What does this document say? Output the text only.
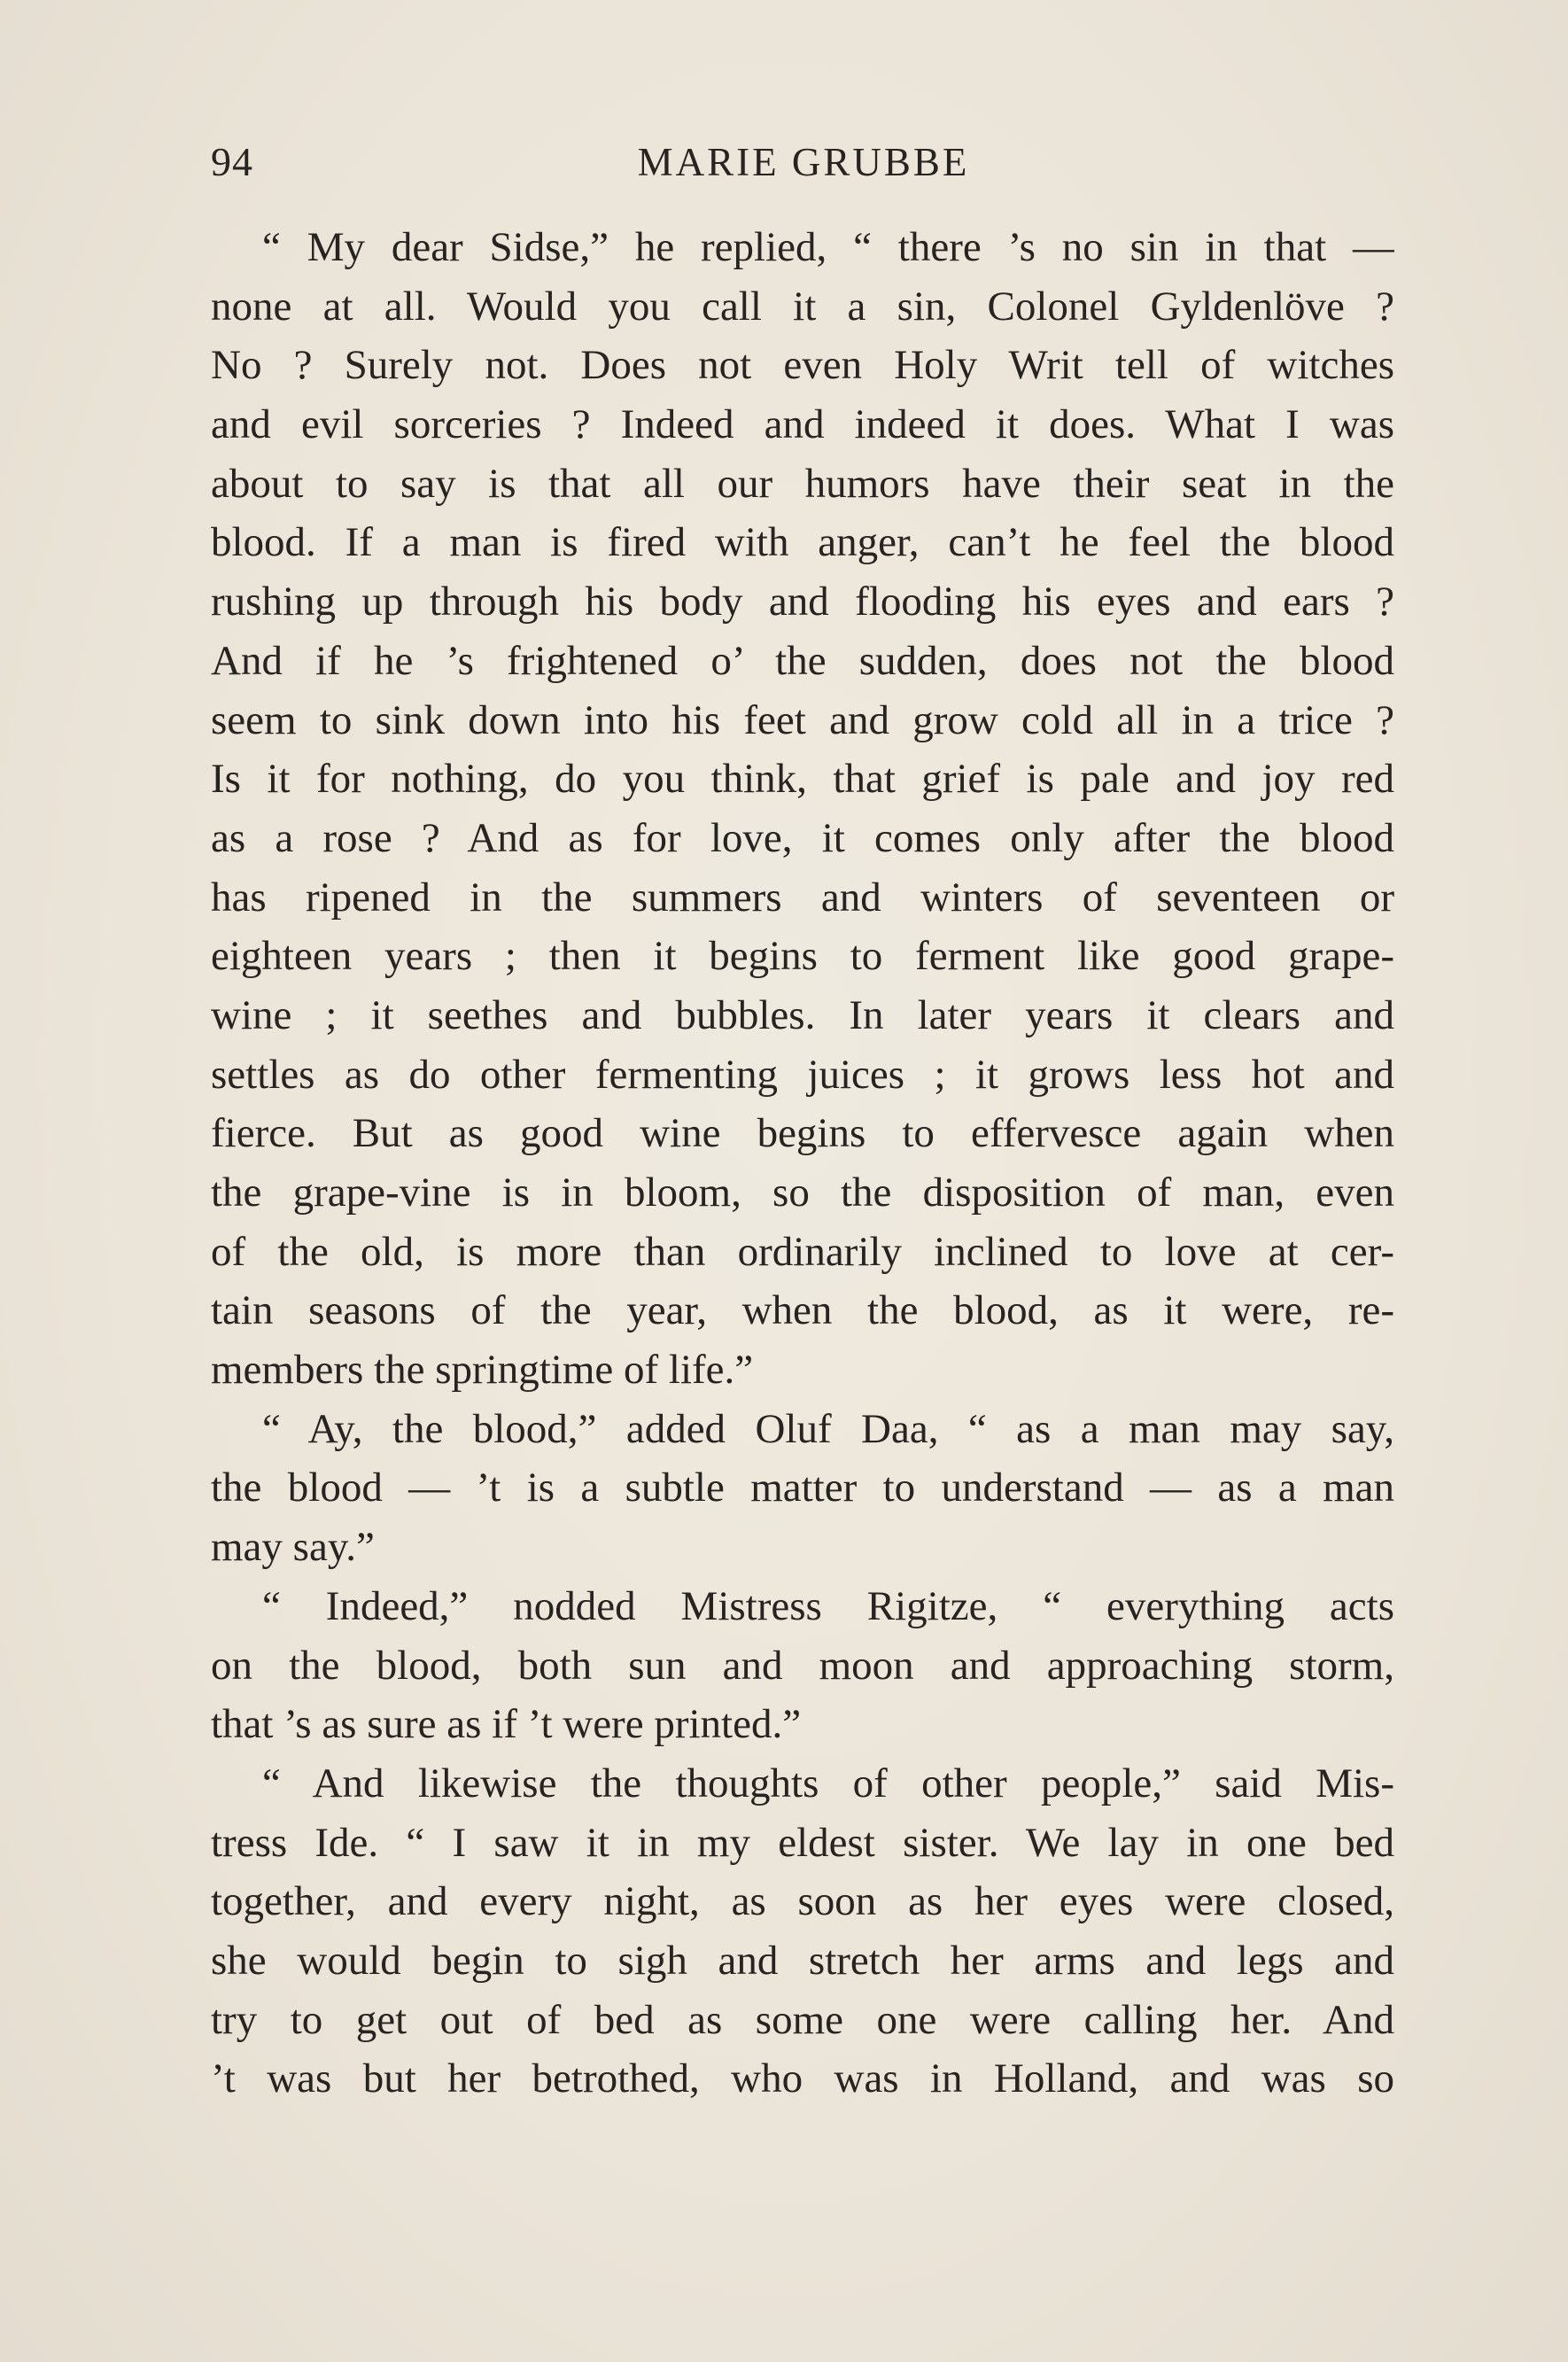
94	MARIE GRUBBE
“ My dear Sidse,” he replied, “ there ’s no sin in that —
none at all. Would you call it a sin, Colonel Gyldenlöve ?
No ? Surely not. Does not even Holy Writ tell of witches
and evil sorceries ? Indeed and indeed it does. What I was
about to say is that all our humors have their seat in the
blood. If a man is fired with anger, can’t he feel the blood
rushing up through his body and flooding his eyes and ears ?
And if he ’s frightened o’ the sudden, does not the blood
seem to sink down into his feet and grow cold all in a trice ?
Is it for nothing, do you think, that grief is pale and joy red
as a rose ? And as for love, it comes only after the blood
has ripened in the summers and winters of seventeen or
eighteen years ; then it begins to ferment like good grape-
wine ; it seethes and bubbles. In later years it clears and
settles as do other fermenting juices ; it grows less hot and
fierce. But as good wine begins to effervesce again when
the grape-vine is in bloom, so the disposition of man, even
of the old, is more than ordinarily inclined to love at cer-
tain seasons of the year, when the blood, as it were, re-
members the springtime of life.”
“ Ay, the blood,” added Oluf Daa, “ as a man may say,
the blood — ’t is a subtle matter to understand — as a man
may say.”
“ Indeed,” nodded Mistress Rigitze, “ everything acts
on the blood, both sun and moon and approaching storm,
that ’s as sure as if ’t were printed.”
“ And likewise the thoughts of other people,” said Mis-
tress Ide. “ I saw it in my eldest sister. We lay in one bed
together, and every night, as soon as her eyes were closed,
she would begin to sigh and stretch her arms and legs and
try to get out of bed as some one were calling her. And
’t was but her betrothed, who was in Holland, and was so
